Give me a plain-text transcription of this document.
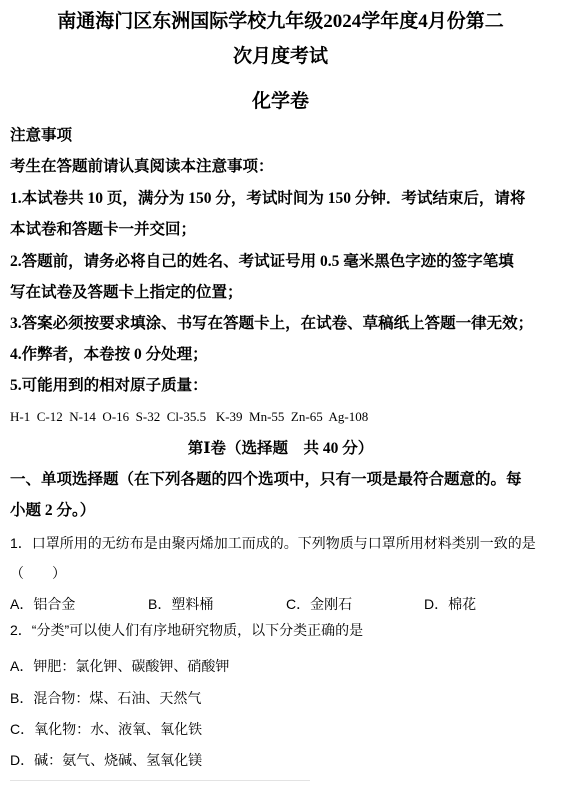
南通海门区东洲国际学校九年级2024学年度4月份第二
次月度考试
化学卷
注意事项
考生在答题前请认真阅读本注意事项：
1.本试卷共 10 页，满分为 150 分，考试时间为 150 分钟．考试结束后，请将
本试卷和答题卡一并交回；
2.答题前，请务必将自己的姓名、考试证号用 0.5 毫米黑色字迹的签字笔填
写在试卷及答题卡上指定的位置；
3.答案必须按要求填涂、书写在答题卡上，在试卷、草稿纸上答题一律无效；
4.作弊者，本卷按 0 分处理；
5.可能用到的相对原子质量：
H-1  C-12  N-14  O-16  S-32  Cl-35.5   K-39  Mn-55  Zn-65  Ag-108
第Ⅰ卷（选择题　共 40 分）
一、单项选择题（在下列各题的四个选项中，只有一项是最符合题意的。每
小题 2 分。）
1．口罩所用的无纺布是由聚丙烯加工而成的。下列物质与口罩所用材料类别一致的是
（　　）
A．铝合金	B．塑料桶	C．金刚石	D．棉花
2．“分类”可以使人们有序地研究物质，以下分类正确的是
A．钾肥：氯化钾、碳酸钾、硝酸钾
B．混合物：煤、石油、天然气
C．氧化物：水、液氧、氧化铁
D．碱：氨气、烧碱、氢氧化镁
